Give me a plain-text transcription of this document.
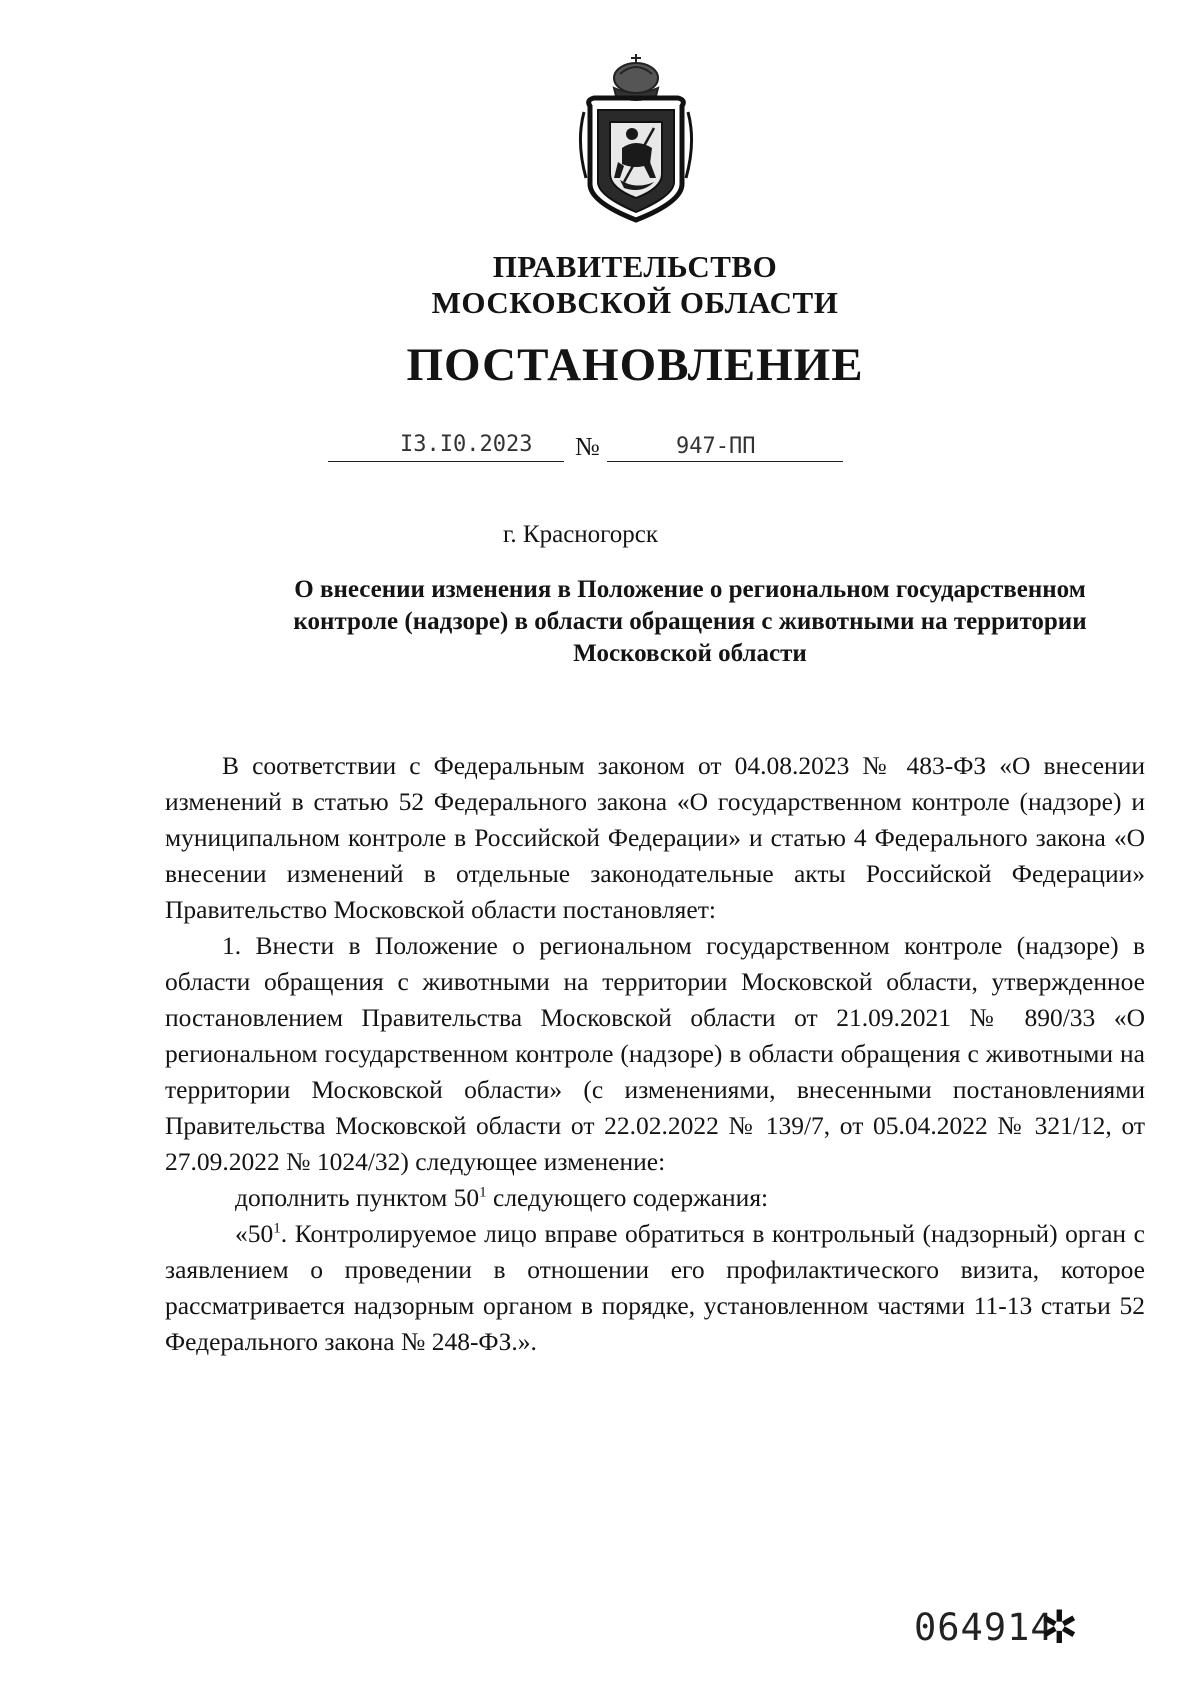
ПРАВИТЕЛЬСТВО
МОСКОВСКОЙ ОБЛАСТИ
ПОСТАНОВЛЕНИЕ
I3.I0.2023 №	947-ПП
г. Красногорск
О внесении изменения в Положение о региональном государственном
контроле (надзоре) в области обращения с животными на территории
Московской области

В соответствии с Федеральным законом от 04.08.2023 № 483-ФЗ «О внесении изменений в статью 52 Федерального закона «О государственном контроле (надзоре) и муниципальном контроле в Российской Федерации» и статью 4 Федерального закона «О внесении изменений в отдельные законодательные акты Российской Федерации» Правительство Московской области постановляет:

1. Внести в Положение о региональном государственном контроле (надзоре) в области обращения с животными на территории Московской области, утвержденное постановлением Правительства Московской области от 21.09.2021 № 890/33 «О региональном государственном контроле (надзоре) в области обращения с животными на территории Московской области» (с изменениями, внесенными постановлениями Правительства Московской области от 22.02.2022 № 139/7, от 05.04.2022 № 321/12, от 27.09.2022 № 1024/32) следующее изменение:

дополнить пунктом $50^1$ следующего содержания:

«$50^1$. Контролируемое лицо вправе обратиться в контрольный (надзорный) орган с заявлением о проведении в отношении его профилактического визита, которое рассматривается надзорным органом в порядке, установленном частями 11-13 статьи 52 Федерального закона № 248-ФЗ.».

064914
✲
